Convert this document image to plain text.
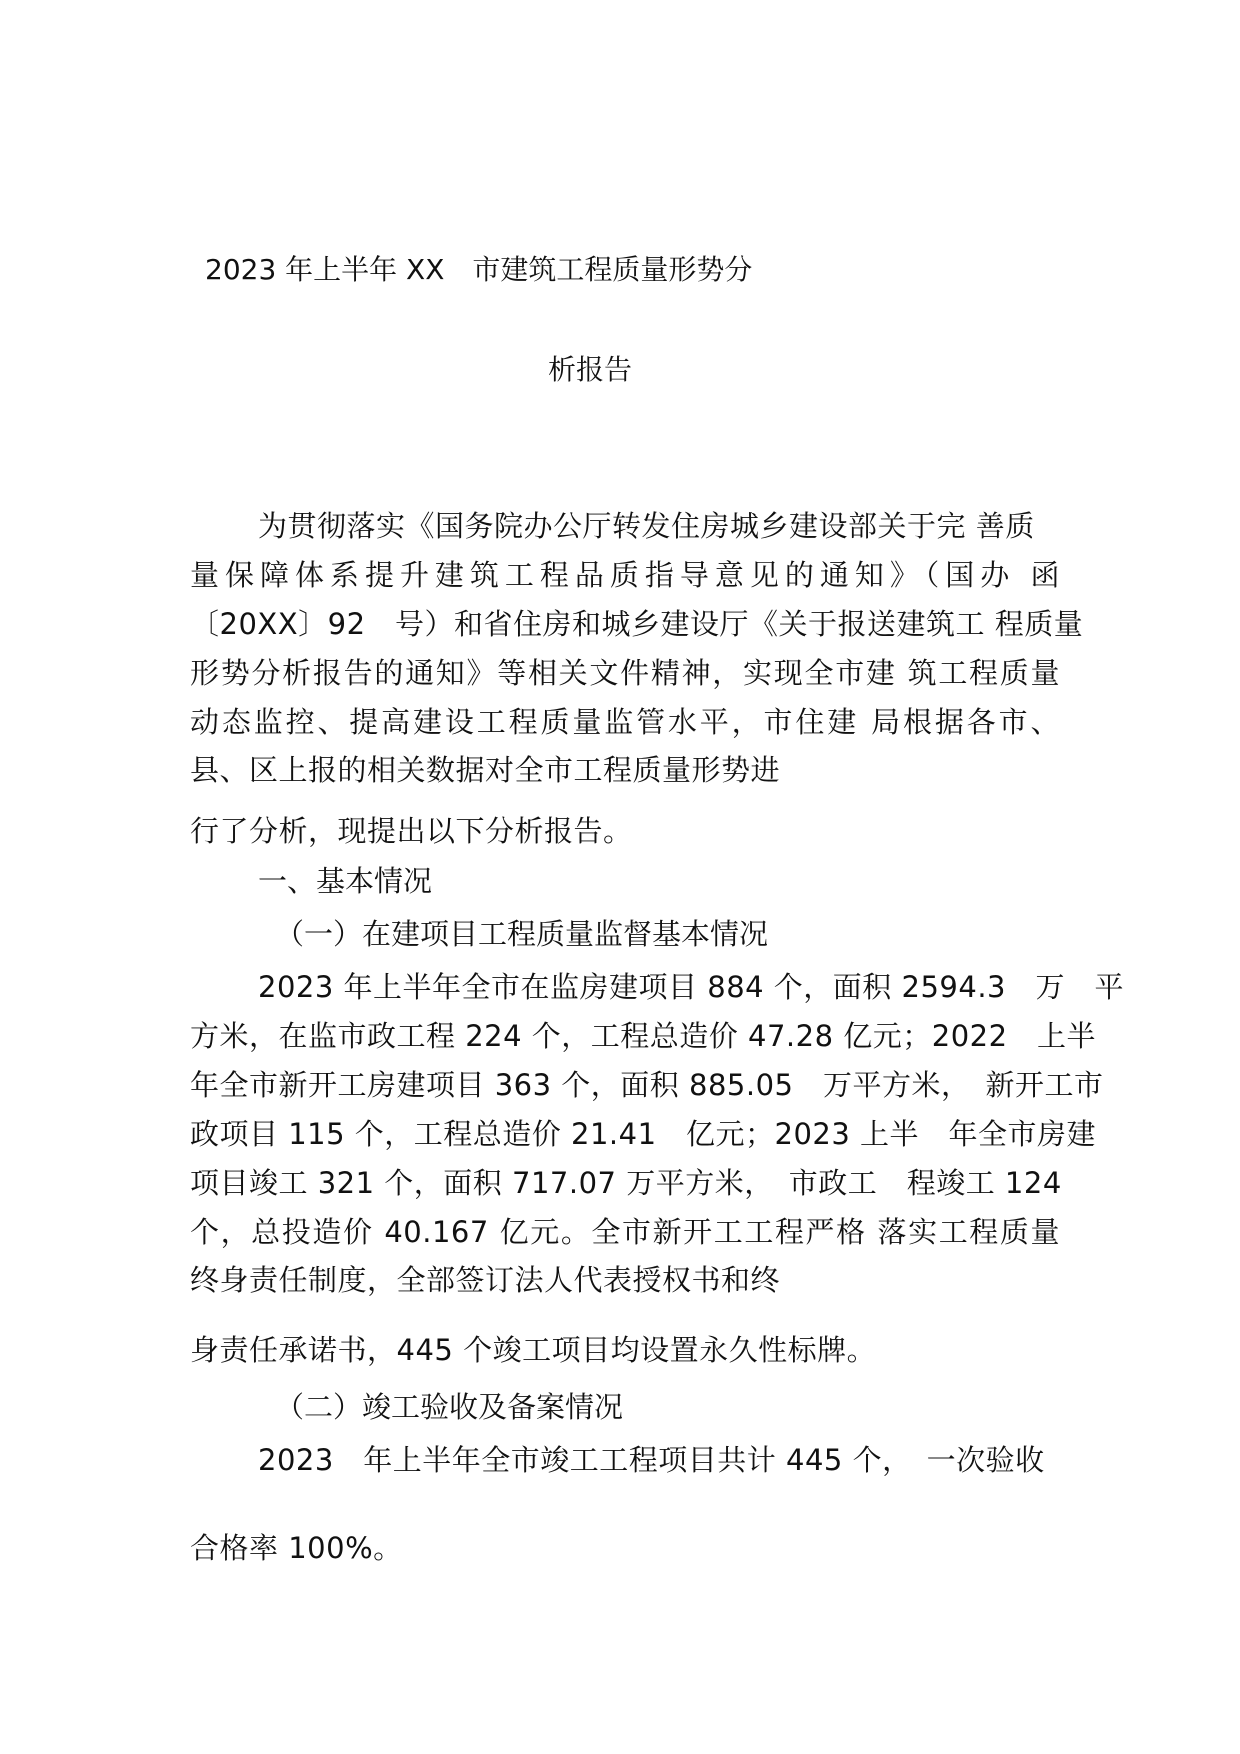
2023 年上半年 XX　市建筑工程质量形势分
析报告
为贯彻落实《国务院办公厅转发住房城乡建设部关于完 善质
量保障体系提升建筑工程品质指导意见的通知》（国办 函
〔20XX〕92　号）和省住房和城乡建设厅《关于报送建筑工 程质量
形势分析报告的通知》等相关文件精神，实现全市建 筑工程质量
动态监控、提高建设工程质量监管水平，市住建 局根据各市、
县、区上报的相关数据对全市工程质量形势进
行了分析，现提出以下分析报告。
一、基本情况
（一）在建项目工程质量监督基本情况
2023 年上半年全市在监房建项目 884 个，面积 2594.3　万　平
方米，在监市政工程 224 个，工程总造价 47.28 亿元；2022　上半
年全市新开工房建项目 363 个，面积 885.05　万平方米，　新开工市
政项目 115 个，工程总造价 21.41　亿元；2023 上半　年全市房建
项目竣工 321 个，面积 717.07 万平方米，　市政工　程竣工 124
个，总投造价 40.167 亿元。全市新开工工程严格 落实工程质量
终身责任制度，全部签订法人代表授权书和终
身责任承诺书，445 个竣工项目均设置永久性标牌。
（二）竣工验收及备案情况
2023　年上半年全市竣工工程项目共计 445 个，　一次验收
合格率 100%。
